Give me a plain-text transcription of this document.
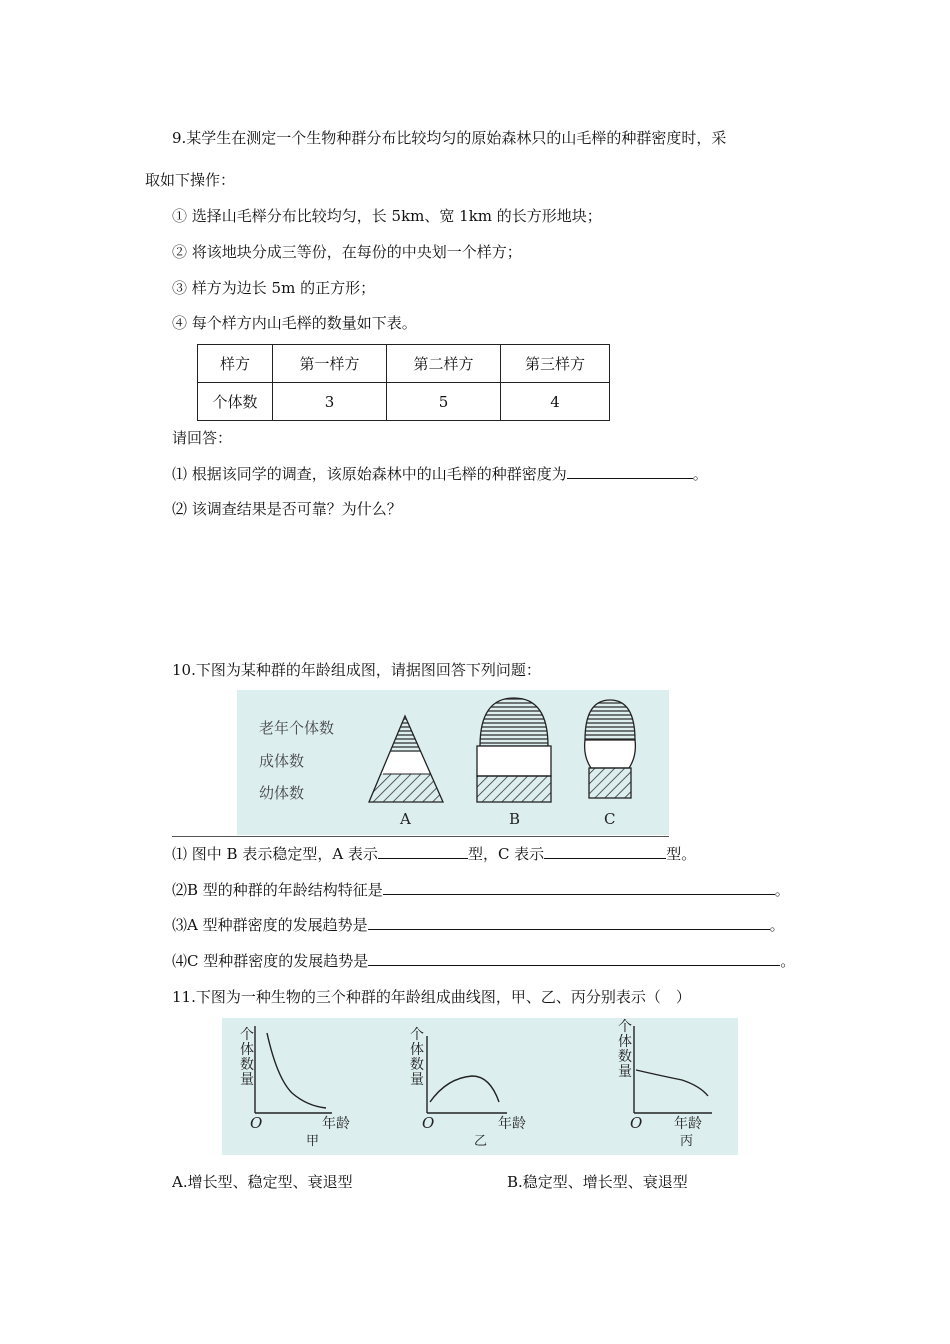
9.某学生在测定一个生物种群分布比较均匀的原始森林只的山毛榉的种群密度时，采
取如下操作：
① 选择山毛榉分布比较均匀，长 5km、宽 1km 的长方形地块；
② 将该地块分成三等份，在每份的中央划一个样方；
③ 样方为边长 5m 的正方形；
④ 每个样方内山毛榉的数量如下表。
样方	第一样方	第二样方	第三样方
个体数	3	5	4
请回答：
⑴ 根据该同学的调查，该原始森林中的山毛榉的种群密度为	。
⑵ 该调查结果是否可靠？为什么？
10.下图为某种群的年龄组成图，请据图回答下列问题：
老年个体数
成体数
幼体数
A	B	C
⑴ 图中 B 表示稳定型，A 表示	型，C 表示	型。
⑵B 型的种群的年龄结构特征是	。
⑶A 型种群密度的发展趋势是	。
⑷C 型种群密度的发展趋势是	。
11.下图为一种生物的三个种群的年龄组成曲线图，甲、乙、丙分别表示（　）
个体数量
O	年龄
甲
个体数量
O	年龄
乙
个体数量
O 年龄
丙
A.增长型、稳定型、衰退型	B.稳定型、增长型、衰退型
